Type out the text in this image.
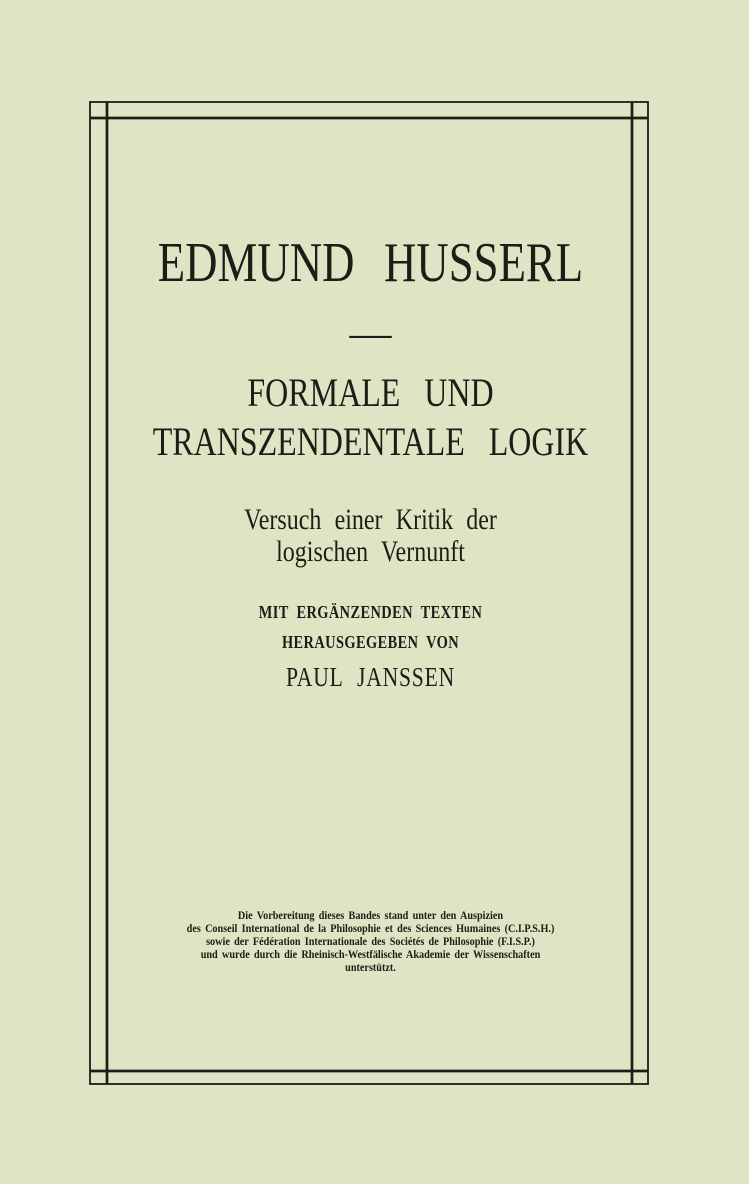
EDMUND HUSSERL
—
FORMALE UND
TRANSZENDENTALE LOGIK
Versuch einer Kritik der
logischen Vernunft
MIT ERGÄNZENDEN TEXTEN
HERAUSGEGEBEN VON
PAUL JANSSEN
Die Vorbereitung dieses Bandes stand unter den Auspizien
des Conseil International de la Philosophie et des Sciences Humaines (C.I.P.S.H.)
sowie der Fédération Internationale des Sociétés de Philosophie (F.I.S.P.)
und wurde durch die Rheinisch-Westfälische Akademie der Wissenschaften
unterstützt.
